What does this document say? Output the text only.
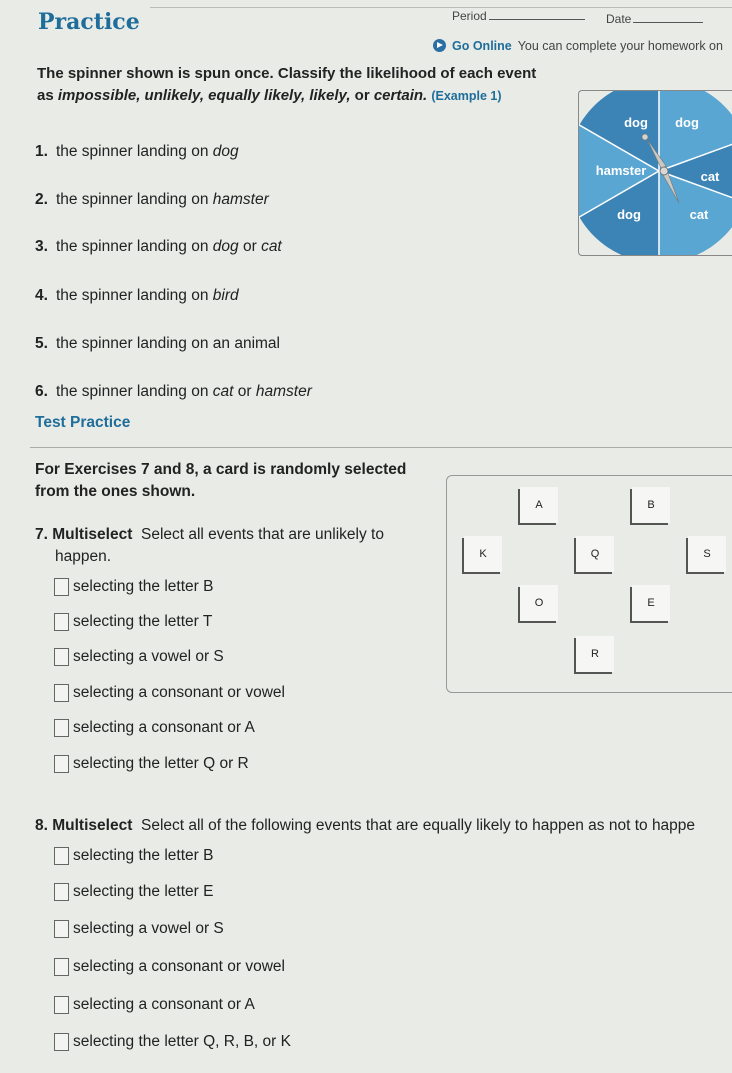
Practice	Period	Date
Go Online You can complete your homework on
The spinner shown is spun once. Classify the likelihood of each event
as impossible, unlikely, equally likely, likely, or certain. (Example 1)
dog dog
cat
cat
dog
hamster
1. the spinner landing on dog
2. the spinner landing on hamster
3. the spinner landing on dog or cat
4. the spinner landing on bird
5. the spinner landing on an animal
6. the spinner landing on cat or hamster
Test Practice
For Exercises 7 and 8, a card is randomly selected
from the ones shown.
A	B
K	Q	S
O	E
R
7. Multiselect Select all events that are unlikely to
happen.
selecting the letter B
selecting the letter T
selecting a vowel or S
selecting a consonant or vowel
selecting a consonant or A
selecting the letter Q or R
8. Multiselect Select all of the following events that are equally likely to happen as not to happe
selecting the letter B
selecting the letter E
selecting a vowel or S
selecting a consonant or vowel
selecting a consonant or A
selecting the letter Q, R, B, or K
